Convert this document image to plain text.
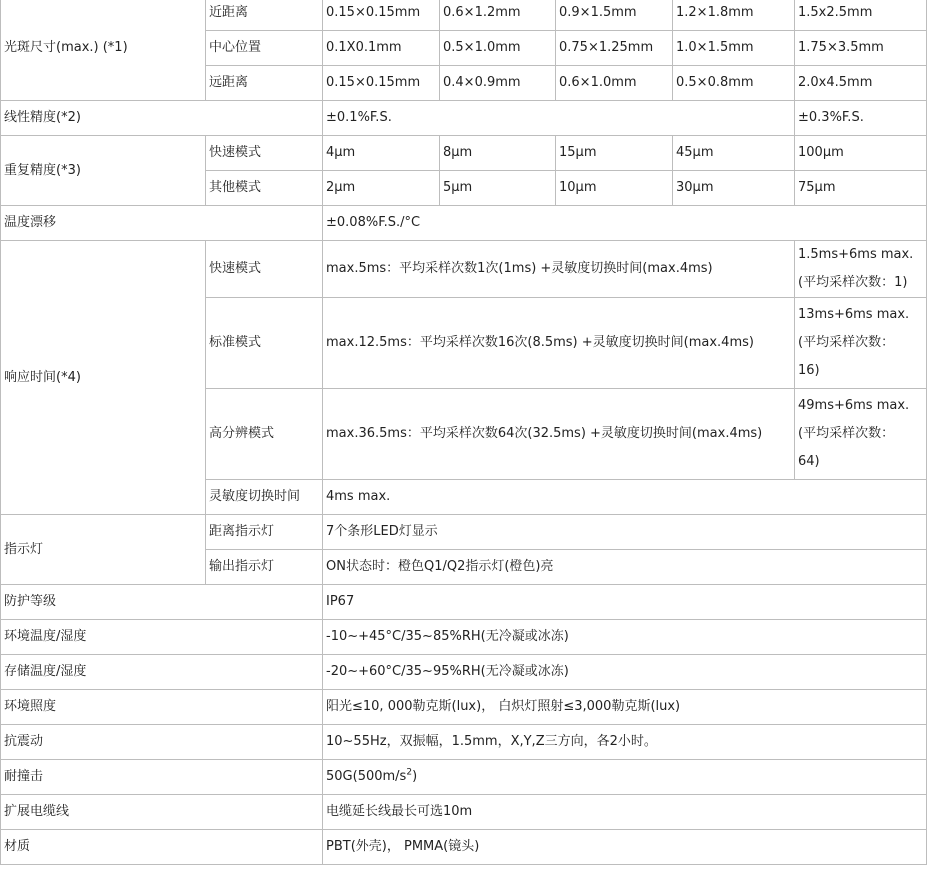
光斑尺寸(max.) (*1)	近距离	0.15×0.15mm	0.6×1.2mm	0.9×1.5mm	1.2×1.8mm	1.5x2.5mm
	中心位置	0.1X0.1mm	0.5×1.0mm	0.75×1.25mm	1.0×1.5mm	1.75×3.5mm
	远距离	0.15×0.15mm	0.4×0.9mm	0.6×1.0mm	0.5×0.8mm	2.0x4.5mm
线性精度(*2)		±0.1%F.S.				±0.3%F.S.
重复精度(*3)	快速模式	4μm	8μm	15μm	45μm	100μm
	其他模式	2μm	5μm	10μm	30μm	75μm
温度漂移		±0.08%F.S./°C				
响应时间(*4)	快速模式	max.5ms：平均采样次数1次(1ms) +灵敏度切换时间(max.4ms)				1.5ms+6ms max.
(平均采样次数：1)

	标准模式	max.12.5ms：平均采样次数16次(8.5ms) +灵敏度切换时间(max.4ms)				13ms+6ms max.
(平均采样次数：
16)

	高分辨模式	max.36.5ms：平均采样次数64次(32.5ms) +灵敏度切换时间(max.4ms)				49ms+6ms max.
(平均采样次数：
64)

	灵敏度切换时间	4ms max.				
指示灯	距离指示灯	7个条形LED灯显示				
	输出指示灯	ON状态时：橙色Q1/Q2指示灯(橙色)亮				
防护等级		IP67				
环境温度/湿度		-10~+45°C/35~85%RH(无冷凝或冰冻)				
存储温度/湿度		-20~+60°C/35~95%RH(无冷凝或冰冻)				
环境照度		阳光≤10, 000勒克斯(lux)， 白炽灯照射≤3,000勒克斯(lux)				
抗震动		10~55Hz，双振幅，1.5mm，X,Y,Z三方向，各2小时。				
耐撞击		$50G(500m/s^2)$				
扩展电缆线		电缆延长线最长可选10m				
材质		PBT(外壳)， PMMA(镜头)				
